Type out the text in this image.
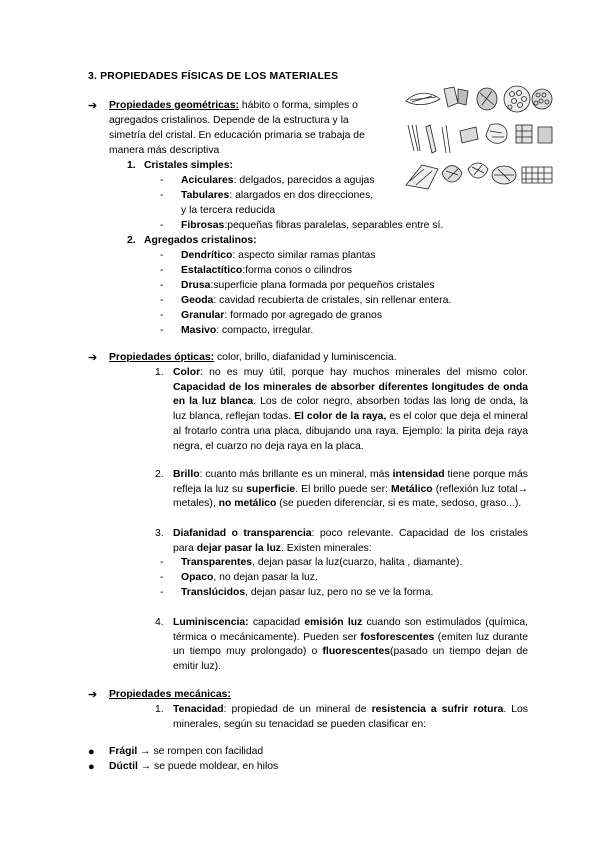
3. PROPIEDADES FÍSICAS DE LOS MATERIALES
➔ Propiedades geométricas: hábito o forma, simples o
agregados cristalinos. Depende de la estructura y la
simetría del cristal. En educación primaria se trabaja de
manera más descriptiva
1. Cristales simples:
- Aciculares: delgados, parecidos a agujas
- Tabulares: alargados en dos direcciones,
y la tercera reducida
- Fibrosas:pequeñas fibras paralelas, separables entre sí.
2. Agregados cristalinos:
- Dendrítico: aspecto similar ramas plantas
- Estalactítico:forma conos o cilindros
- Drusa:superficie plana formada por pequeños cristales
- Geoda: cavidad recubierta de cristales, sin rellenar entera.
- Granular: formado por agregado de granos
- Masivo: compacto, irregular.
➔ Propiedades ópticas: color, brillo, diafanidad y luminiscencia.
1. Color: no es muy útil, porque hay muchos minerales del mismo color. Capacidad de los minerales de absorber diferentes longitudes de onda en la luz blanca. Los de color negro, absorben todas las long de onda, la luz blanca, reflejan todas. El color de la raya, es el color que deja el mineral al frotarlo contra una placa, dibujando una raya. Ejemplo: la pirita deja raya negra, el cuarzo no deja raya en la placa.
2. Brillo: cuanto más brillante es un mineral, más intensidad tiene porque más refleja la luz su superficie. El brillo puede ser: Metálico (reflexión luz total→ metales), no metálico (se pueden diferenciar, si es mate, sedoso, graso...).
3. Diafanidad o transparencia: poco relevante. Capacidad de los cristales para dejar pasar la luz. Existen minerales:
- Transparentes, dejan pasar la luz(cuarzo, halita , diamante).
- Opaco, no dejan pasar la luz.
- Translúcidos, dejan pasar luz, pero no se ve la forma.
4. Luminiscencia: capacidad emisión luz cuando son estimulados (química, térmica o mecánicamente). Pueden ser fosforescentes (emiten luz durante un tiempo muy prolongado) o fluorescentes(pasado un tiempo dejan de emitir luz).
➔ Propiedades mecánicas:
1. Tenacidad: propiedad de un mineral de resistencia a sufrir rotura. Los minerales, según su tenacidad se pueden clasificar en:
● Frágil → se rompen con facilidad
● Dúctil → se puede moldear, en hilos
